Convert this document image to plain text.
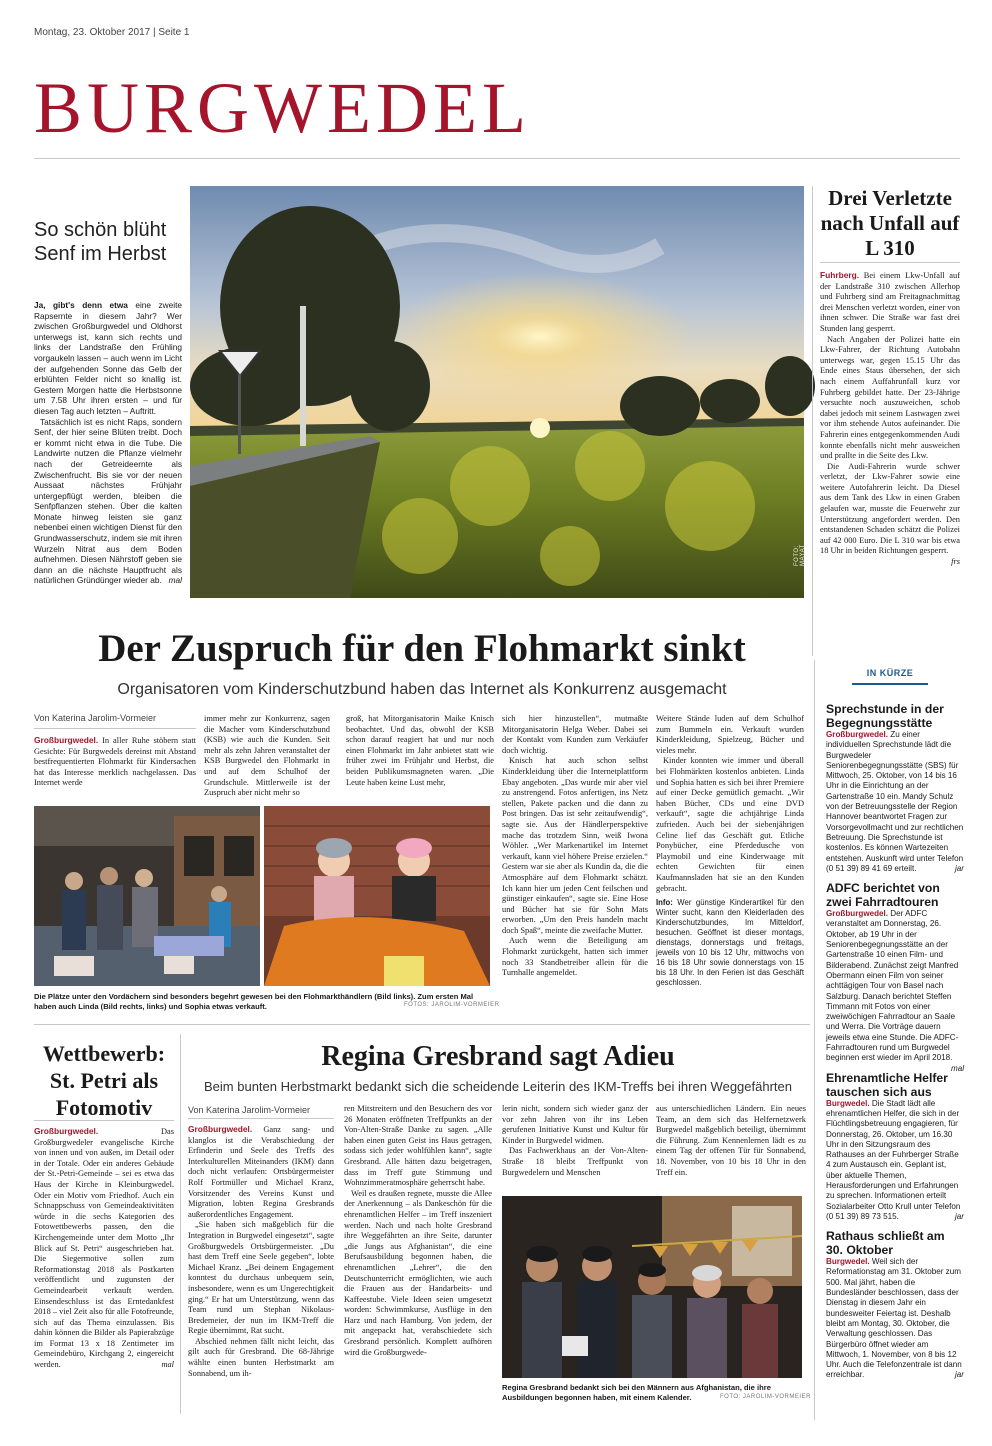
Montag, 23. Oktober 2017 | Seite 1
BURGWEDEL
So schön blüht Senf im Herbst

Ja, gibt's denn etwa eine zweite Rapsernte in diesem Jahr? Wer zwischen Großburgwedel und Oldhorst unterwegs ist, kann sich rechts und links der Landstraße den Frühling vorgaukeln lassen – auch wenn im Licht der aufgehenden Sonne das Gelb der erblühten Felder nicht so knallig ist. Gestern Morgen hatte die Herbstsonne um 7.58 Uhr ihren ersten – und für diesen Tag auch letzten – Auftritt.

Tatsächlich ist es nicht Raps, sondern Senf, der hier seine Blüten treibt. Doch er kommt nicht etwa in die Tube. Die Landwirte nutzen die Pflanze vielmehr nach der Getreideernte als Zwischenfrucht. Bis sie vor der neuen Aussaat nächstes Frühjahr untergepflügt werden, bleiben die Senfpflanzen stehen. Über die kalten Monate hinweg leisten sie ganz nebenbei einen wichtigen Dienst für den Grundwasserschutz, indem sie mit ihren Wurzeln Nitrat aus dem Boden aufnehmen. Diesen Nährstoff geben sie dann an die nächste Hauptfrucht als natürlichen Gründünger wieder ab. mal

FOTO: MAYAT
Drei Verletzte nach Unfall auf L 310

Fuhrberg. Bei einem Lkw-Unfall auf der Landstraße 310 zwischen Allerhop und Fuhrberg sind am Freitagnachmittag drei Menschen verletzt worden, einer von ihnen schwer. Die Straße war fast drei Stunden lang gesperrt.

Nach Angaben der Polizei hatte ein Lkw-Fahrer, der Richtung Autobahn unterwegs war, gegen 15.15 Uhr das Ende eines Staus übersehen, der sich nach einem Auffahrunfall kurz vor Fuhrberg gebildet hatte. Der 23-Jährige versuchte noch auszuweichen, schob dabei jedoch mit seinem Lastwagen zwei vor ihm stehende Autos aufeinander. Die Fahrerin eines entgegenkommenden Audi konnte ebenfalls nicht mehr ausweichen und prallte in die Seite des Lkw.

Die Audi-Fahrerin wurde schwer verletzt, der Lkw-Fahrer sowie eine weitere Autofahrerin leicht. Da Diesel aus dem Tank des Lkw in einen Graben gelaufen war, musste die Feuerwehr zur Unterstützung angefordert werden. Den entstandenen Schaden schätzt die Polizei auf 42 000 Euro. Die L 310 war bis etwa 18 Uhr in beiden Richtungen gesperrt.
frs

Der Zuspruch für den Flohmarkt sinkt
Organisatoren vom Kinderschutzbund haben das Internet als Konkurrenz ausgemacht
Von Katerina Jarolim-Vormeier

Großburgwedel. In aller Ruhe stöbern statt Gesichte: Für Burgwedels dereinst mit Abstand bestfrequentierten Flohmarkt für Kindersachen hat das Interesse merklich nachgelassen. Das Internet werde

immer mehr zur Konkurrenz, sagen die Macher vom Kinderschutzbund (KSB) wie auch die Kunden. Seit mehr als zehn Jahren veranstaltet der KSB Burgwedel den Flohmarkt in und auf dem Schulhof der Grundschule. Mittlerweile ist der Zuspruch aber nicht mehr so

groß, hat Mitorganisatorin Maike Knisch beobachtet. Und das, obwohl der KSB schon darauf reagiert hat und nur noch einen Flohmarkt im Jahr anbietet statt wie früher zwei im Frühjahr und Herbst, die beiden Publikumsmagneten waren. „Die Leute haben keine Lust mehr,

sich hier hinzustellen“, mutmaßte Mitorganisatorin Helga Weber. Dabei sei der Kontakt vom Kunden zum Verkäufer doch wichtig.

Knisch hat auch schon selbst Kinderkleidung über die Internetplattform Ebay angeboten. „Das wurde mir aber viel zu anstrengend. Fotos anfertigen, ins Netz stellen, Pakete packen und die dann zu Post bringen. Das ist sehr zeitaufwendig“, sagte sie. Aus der Händlerperspektive mache das trotzdem Sinn, weiß Iwona Wöhler. „Wer Markenartikel im Internet verkauft, kann viel höhere Preise erzielen.“ Gestern war sie aber als Kundin da, die die Atmosphäre auf dem Flohmarkt schätzt. Ich kann hier um jeden Cent feilschen und günstiger einkaufen“, sagte sie. Eine Hose und Bücher hat sie für Sohn Mats erworben. „Um den Preis handeln macht doch Spaß“, meinte die zweifache Mutter.

Auch wenn die Beteiligung am Flohmarkt zurückgeht, hatten sich immer noch 33 Standbetreiber allein für die Turnhalle angemeldet.

Weitere Stände luden auf dem Schulhof zum Bummeln ein. Verkauft wurden Kinderkleidung, Spielzeug, Bücher und vieles mehr.

Kinder konnten wie immer und überall bei Flohmärkten kostenlos anbieten. Linda und Sophia hatten es sich bei ihrer Premiere auf einer Decke gemütlich gemacht. „Wir haben Bücher, CDs und eine DVD verkauft“, sagte die achtjährige Linda zufrieden. Auch bei der siebenjährigen Celine lief das Geschäft gut. Etliche Ponybücher, eine Pferdedusche von Playmobil und eine Kinderwaage mit echten Gewichten für einen Kaufmannsladen hat sie an den Kunden gebracht.

Info: Wer günstige Kinderartikel für den Winter sucht, kann den Kleiderladen des Kinderschutzbundes, Im Mitteldorf, besuchen. Geöffnet ist dieser montags, dienstags, donnerstags und freitags, jeweils von 10 bis 12 Uhr, mittwochs von 16 bis 18 Uhr sowie donnerstags von 15 bis 18 Uhr. In den Ferien ist das Geschäft geschlossen.

Die Plätze unter den Vordächern sind besonders begehrt gewesen bei den Flohmarkthändlern (Bild links). Zum ersten Mal haben auch Linda (Bild rechts, links) und Sophia etwas verkauft.	FOTOS: JAROLIM-VORMEIER
IN KÜRZE
Sprechstunde in der Begegnungsstätte
Großburgwedel. Zu einer individuellen Sprechstunde lädt die Burgwedeler Seniorenbegegnungsstätte (SBS) für Mittwoch, 25. Oktober, von 14 bis 16 Uhr in die Einrichtung an der Gartenstraße 10 ein. Mandy Schulz von der Betreuungsstelle der Region Hannover beantwortet Fragen zur Vorsorgevollmacht und zur rechtlichen Betreuung. Die Sprechstunde ist kostenlos. Es können Wartezeiten entstehen. Auskunft wird unter Telefon (0 51 39) 89 41 69 erteilt.	jar
ADFC berichtet von zwei Fahrradtouren
Großburgwedel. Der ADFC veranstaltet am Donnerstag, 26. Oktober, ab 19 Uhr in der Seniorenbegegnungsstätte an der Gartenstraße 10 einen Film- und Bilderabend. Zunächst zeigt Manfred Obermann einen Film von seiner achttägigen Tour von Basel nach Salzburg. Danach berichtet Steffen Timmann mit Fotos von einer zweiwöchigen Fahrradtour an Saale und Werra. Die Vorträge dauern jeweils etwa eine Stunde. Die ADFC-Fahrradtouren rund um Burgwedel beginnen erst wieder im April 2018.
mal
Ehrenamtliche Helfer tauschen sich aus
Burgwedel. Die Stadt lädt alle ehrenamtlichen Helfer, die sich in der Flüchtlingsbetreuung engagieren, für Donnerstag, 26. Oktober, um 16.30 Uhr in den Sitzungsraum des Rathauses an der Fuhrberger Straße 4 zum Austausch ein. Geplant ist, über aktuelle Themen, Herausforderungen und Erfahrungen zu sprechen. Informationen erteilt Sozialarbeiter Otto Krull unter Telefon (0 51 39) 89 73 515.	jar
Rathaus schließt am 30. Oktober
Burgwedel. Weil sich der Reformationstag am 31. Oktober zum 500. Mal jährt, haben die Bundesländer beschlossen, dass der Dienstag in diesem Jahr ein bundesweiter Feiertag ist. Deshalb bleibt am Montag, 30. Oktober, die Verwaltung geschlossen. Das Bürgerbüro öffnet wieder am Mittwoch, 1. November, von 8 bis 12 Uhr. Auch die Telefonzentrale ist dann erreichbar.	jar
Wettbewerb: St. Petri als Fotomotiv

Großburgwedel. Das Großburgwedeler evangelische Kirche von innen und von außen, im Detail oder in der Totale. Oder ein anderes Gebäude der St.-Petri-Gemeinde – sei es etwa das Haus der Kirche in Kleinburgwedel. Oder ein Motiv vom Friedhof. Auch ein Schnappschuss von Gemeindeaktivitäten würde in die sechs Kategorien des Fotowettbewerbs passen, den die Kirchengemeinde unter dem Motto „Ihr Blick auf St. Petri“ ausgeschrieben hat. Die Siegermotive sollen zum Reformationstag 2018 als Postkarten veröffentlicht und zugunsten der Gemeindearbeit verkauft werden. Einsendeschluss ist das Erntedankfest 2018 – viel Zeit also für alle Fotofreunde, sich auf das Thema einzulassen. Bis dahin können die Bilder als Papierabzüge im Format 13 x 18 Zentimeter im Gemeindebüro, Kirchgang 2, eingereicht werden.	mal

Regina Gresbrand sagt Adieu
Beim bunten Herbstmarkt bedankt sich die scheidende Leiterin des IKM-Treffs bei ihren Weggefährten
Von Katerina Jarolim-Vormeier

Großburgwedel. Ganz sang- und klanglos ist die Verabschiedung der Erfinderin und Seele des Treffs des Interkulturellen Miteinanders (IKM) dann doch nicht verlaufen: Ortsbürgermeister Rolf Fortmüller und Michael Kranz, Vorsitzender des Vereins Kunst und Migration, lobten Regina Gresbrands außerordentliches Engagement.

„Sie haben sich maßgeblich für die Integration in Burgwedel eingesetzt“, sagte Großburgwedels Ortsbürgermeister. „Du hast dem Treff eine Seele gegeben“, lobte Michael Kranz. „Bei deinem Engagement konntest du durchaus unbequem sein, insbesondere, wenn es um Ungerechtigkeit ging.“ Er hat um Unterstützung, wenn das Team rund um Stephan Nikolaus-Bredemeier, der nun im IKM-Treff die Regie übernimmt, Rat sucht.

Abschied nehmen fällt nicht leicht, das gilt auch für Gresbrand. Die 68-Jährige wählte einen bunten Herbstmarkt am Sonnabend, um ih-

ren Mitstreitern und den Besuchern des vor 26 Monaten eröffneten Treffpunkts an der Von-Alten-Straße Danke zu sagen. „Alle haben einen guten Geist ins Haus getragen, sodass sich jeder wohlfühlen kann“, sagte Gresbrand. Alle hätten dazu beigetragen, dass im Treff gute Stimmung und Wohnzimmeratmosphäre geherrscht habe.

Weil es draußen regnete, musste die Allee der Anerkennung – als Dankeschön für die ehrenamtlichen Helfer – im Treff inszeniert werden. Nach und nach holte Gresbrand ihre Weggefährten an ihre Seite, darunter „die Jungs aus Afghanistan“, die eine Berufsausbildung begonnen haben, die ehrenamtlichen „Lehrer“, die den Deutschunterricht ermöglichten, wie auch die Frauen aus der Handarbeits- und Kaffeestube. Viele Ideen seien umgesetzt worden: Schwimmkurse, Ausflüge in den Harz und nach Hamburg. Von jedem, der mit angepackt hat, verabschiedete sich Gresbrand persönlich. Komplett aufhören wird die Großburgwede-

lerin nicht, sondern sich wieder ganz der vor zehn Jahren von ihr ins Leben gerufenen Initiative Kunst und Kultur für Kinder in Burgwedel widmen.

Das Fachwerkhaus an der Von-Alten-Straße 18 bleibt Treffpunkt von Burgwedelern und Menschen

aus unterschiedlichen Ländern. Ein neues Team, an dem sich das Helfernetzwerk Burgwedel maßgeblich beteiligt, übernimmt die Führung. Zum Kennenlernen lädt es zu einem Tag der offenen Tür für Sonnabend, 18. November, von 10 bis 18 Uhr in den Treff ein.

Regina Gresbrand bedankt sich bei den Männern aus Afghanistan, die ihre Ausbildungen begonnen haben, mit einem Kalender.	FOTO: JAROLIM-VORMEIER
